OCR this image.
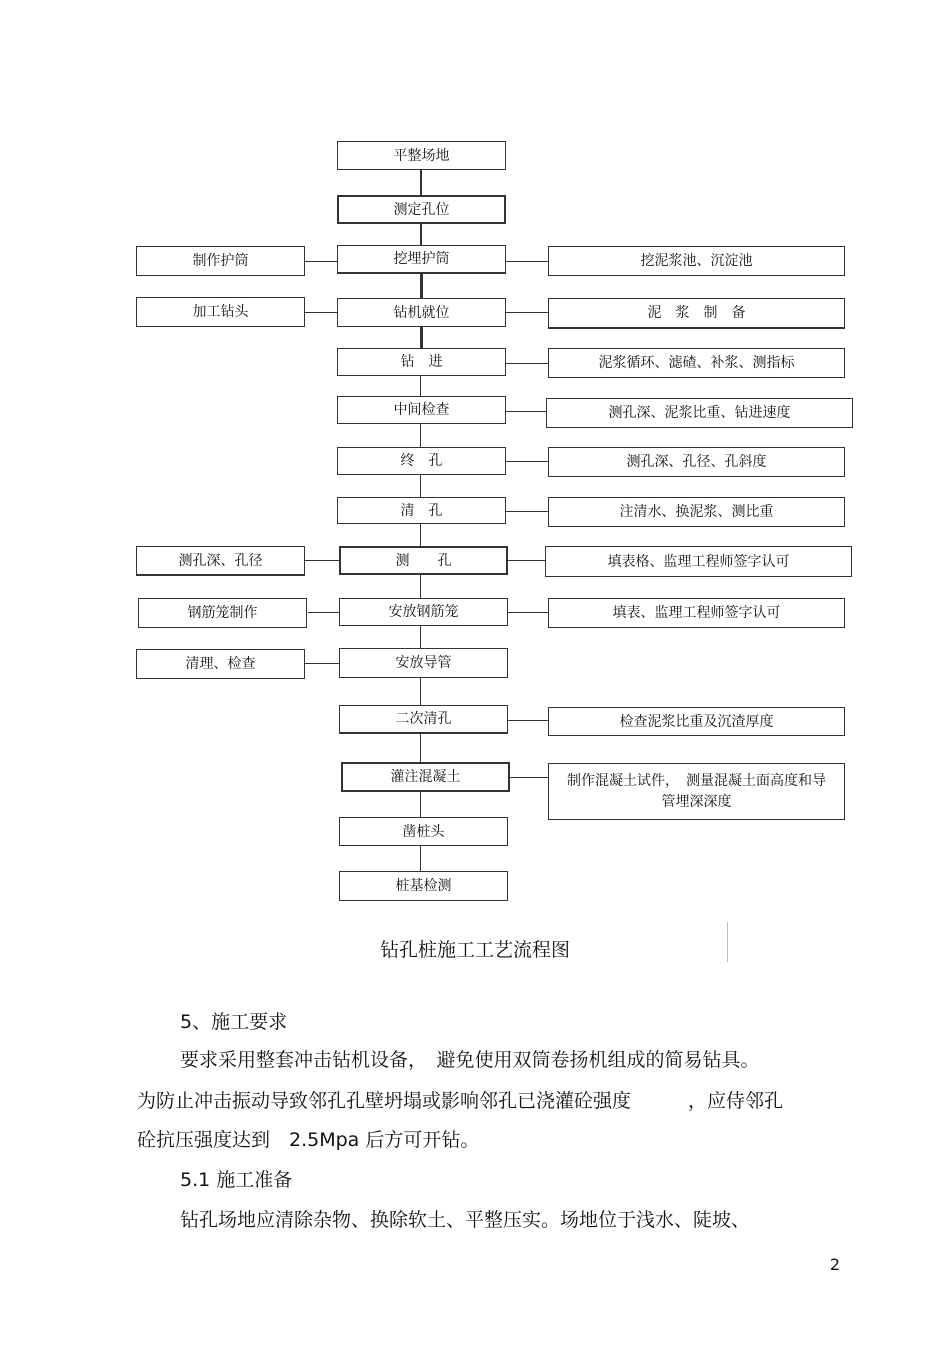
平整场地
测定孔位
挖埋护筒
钻机就位
钻　进
中间检查
终　孔
清　孔
测　　孔
安放钢筋笼
安放导管
二次清孔
灌注混凝土
凿桩头
桩基检测
制作护筒
加工钻头
测孔深、孔径
钢筋笼制作
清理、检查
挖泥浆池、沉淀池
泥　浆　制　备
泥浆循环、滤碴、补浆、测指标
测孔深、泥浆比重、钻进速度
测孔深、孔径、孔斜度
注清水、换泥浆、测比重
填表格、监理工程师签字认可
填表、监理工程师签字认可
检查泥浆比重及沉渣厚度
制作混凝土试件，　测量混凝土面高度和导
管埋深深度
钻孔桩施工工艺流程图
5、施工要求
要求采用整套冲击钻机设备，　避免使用双筒卷扬机组成的简易钻具。
为防止冲击振动导致邻孔孔壁坍塌或影响邻孔已浇灌砼强度　　　，应侍邻孔
砼抗压强度达到　2.5Mpa 后方可开钻。
5.1 施工准备
钻孔场地应清除杂物、换除软土、平整压实。场地位于浅水、陡坡、
2
